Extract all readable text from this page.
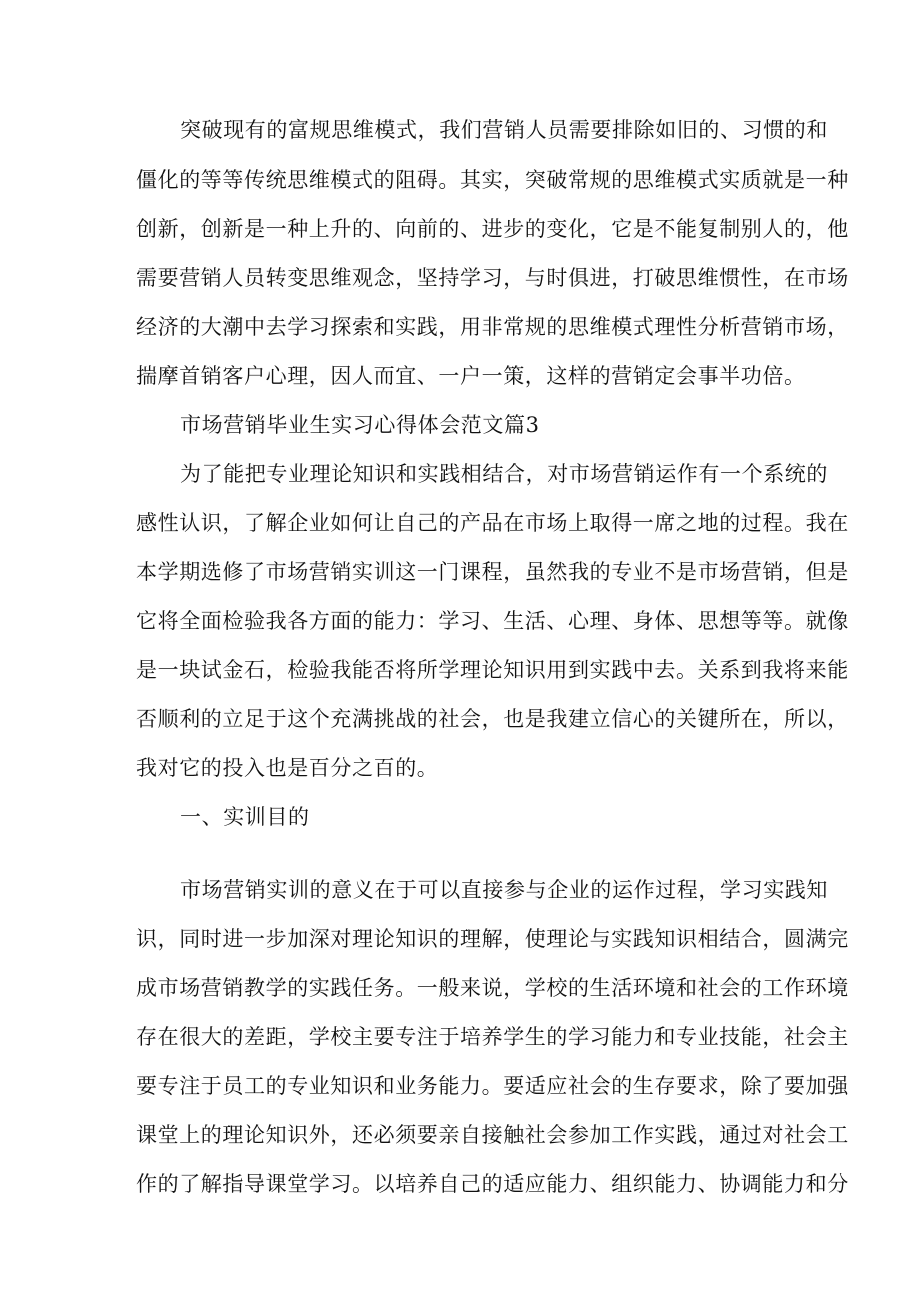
突破现有的富规思维模式，我们营销人员需要排除如旧的、习惯的和
僵化的等等传统思维模式的阻碍。其实，突破常规的思维模式实质就是一种
创新，创新是一种上升的、向前的、进步的变化，它是不能复制别人的，他
需要营销人员转变思维观念，坚持学习，与时俱进，打破思维惯性，在市场
经济的大潮中去学习探索和实践，用非常规的思维模式理性分析营销市场，
揣摩首销客户心理，因人而宜、一户一策，这样的营销定会事半功倍。
市场营销毕业生实习心得体会范文篇3
为了能把专业理论知识和实践相结合，对市场营销运作有一个系统的
感性认识，了解企业如何让自己的产品在市场上取得一席之地的过程。我在
本学期选修了市场营销实训这一门课程，虽然我的专业不是市场营销，但是
它将全面检验我各方面的能力：学习、生活、心理、身体、思想等等。就像
是一块试金石，检验我能否将所学理论知识用到实践中去。关系到我将来能
否顺利的立足于这个充满挑战的社会，也是我建立信心的关键所在，所以，
我对它的投入也是百分之百的。
一、实训目的
市场营销实训的意义在于可以直接参与企业的运作过程，学习实践知
识，同时进一步加深对理论知识的理解，使理论与实践知识相结合，圆满完
成市场营销教学的实践任务。一般来说，学校的生活环境和社会的工作环境
存在很大的差距，学校主要专注于培养学生的学习能力和专业技能，社会主
要专注于员工的专业知识和业务能力。要适应社会的生存要求，除了要加强
课堂上的理论知识外，还必须要亲自接触社会参加工作实践，通过对社会工
作的了解指导课堂学习。以培养自己的适应能力、组织能力、协调能力和分
